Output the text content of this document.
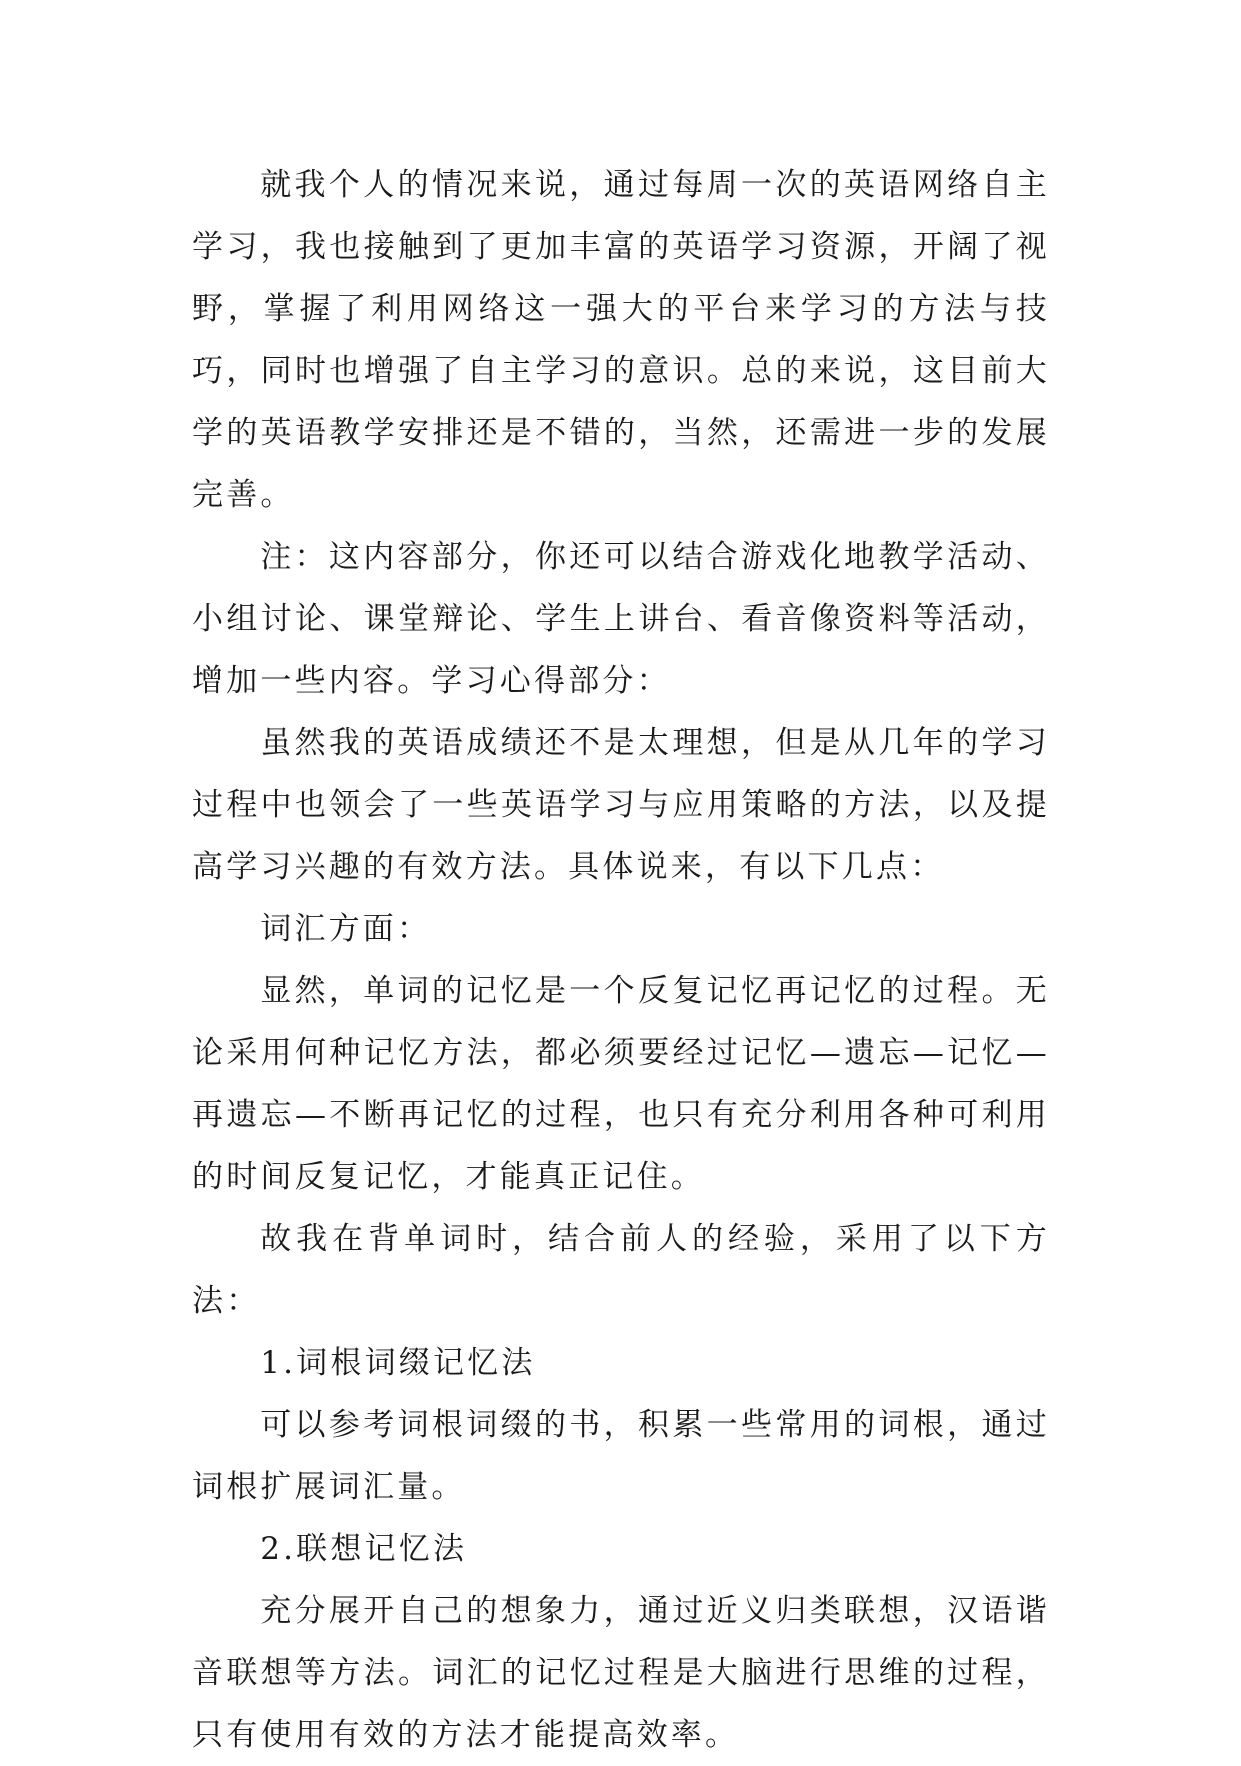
就我个人的情况来说，通过每周一次的英语网络自主学习，我也接触到了更加丰富的英语学习资源，开阔了视野，掌握了利用网络这一强大的平台来学习的方法与技巧，同时也增强了自主学习的意识。总的来说，这目前大学的英语教学安排还是不错的，当然，还需进一步的发展完善。

注：这内容部分，你还可以结合游戏化地教学活动、小组讨论、课堂辩论、学生上讲台、看音像资料等活动，增加一些内容。学习心得部分：

虽然我的英语成绩还不是太理想，但是从几年的学习过程中也领会了一些英语学习与应用策略的方法，以及提高学习兴趣的有效方法。具体说来，有以下几点：

词汇方面：

显然，单词的记忆是一个反复记忆再记忆的过程。无论采用何种记忆方法，都必须要经过记忆—遗忘—记忆—再遗忘—不断再记忆的过程，也只有充分利用各种可利用的时间反复记忆，才能真正记住。

故我在背单词时，结合前人的经验，采用了以下方法：

1.词根词缀记忆法

可以参考词根词缀的书，积累一些常用的词根，通过词根扩展词汇量。

2.联想记忆法

充分展开自己的想象力，通过近义归类联想，汉语谐音联想等方法。词汇的记忆过程是大脑进行思维的过程，只有使用有效的方法才能提高效率。
